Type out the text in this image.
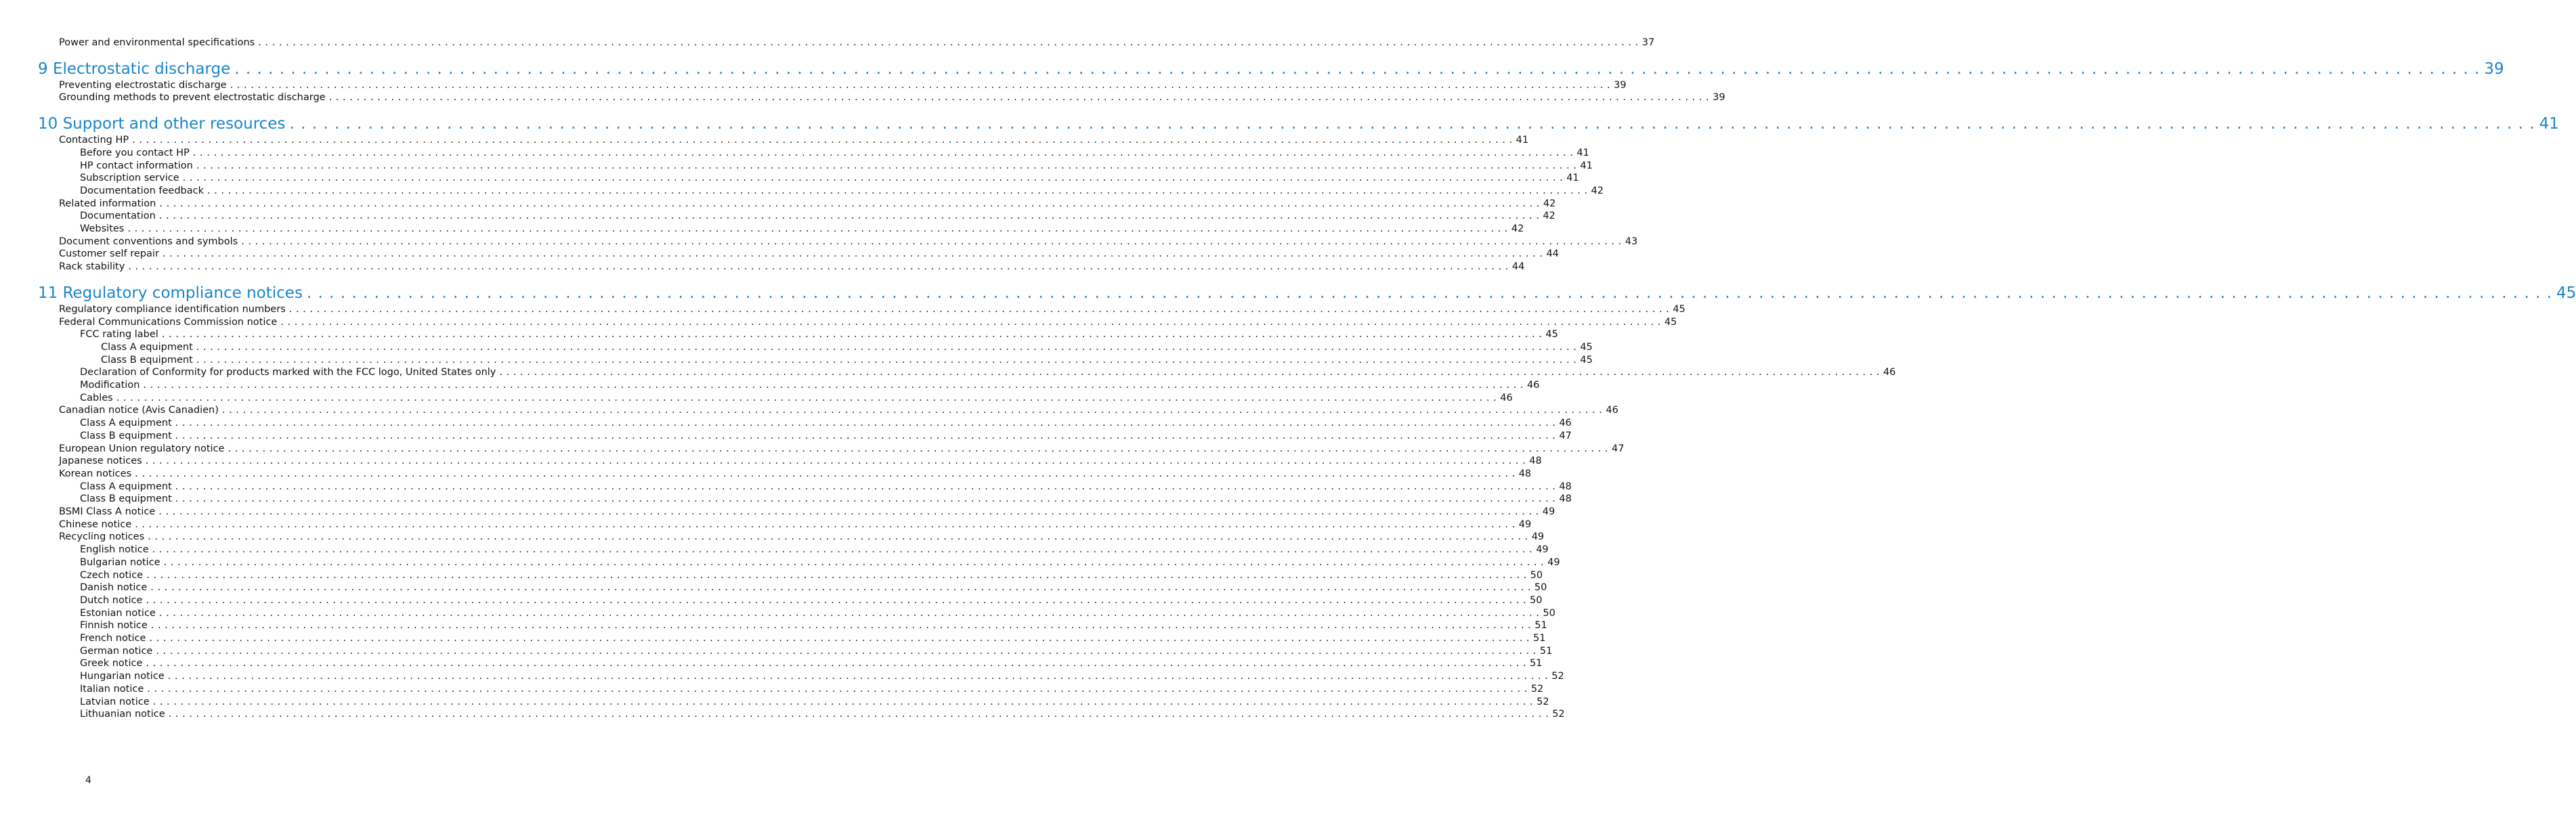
Power and environmental specifications . . . . . . . . . . . . . . . . . . . . . . . . . . . . . . . . . . . . . . . . . . . . . . . . . . . . . . . . . . . . . . . . . . . . . . . . . . . . . . . . . . . . . . . . . . . . . . . . . . . . . . . . . . . . . . . . . . . . . . . . . . . . . . . . . . . . . . . . . . . . . . . . . . . . . . . . . . . . . . . . . . . . . . . . . . . . . . . . . . . . . . . . . . . . . . . . . . . . . . . . 37
9 Electrostatic discharge . . . . . . . . . . . . . . . . . . . . . . . . . . . . . . . . . . . . . . . . . . . . . . . . . . . . . . . . . . . . . . . . . . . . . . . . . . . . . . . . . . . . . . . . . . . . . . . . . . . . . . . . . . . . . . . . . . . . . . . . . . . . . . . . . . . . . . . . . . . . . . . . . . . . . . . . . . . . . . . . . . . . . . . . . . . . . . . . . . . . . . . . . . . . . . . . . . . . . . . . 39
Preventing electrostatic discharge . . . . . . . . . . . . . . . . . . . . . . . . . . . . . . . . . . . . . . . . . . . . . . . . . . . . . . . . . . . . . . . . . . . . . . . . . . . . . . . . . . . . . . . . . . . . . . . . . . . . . . . . . . . . . . . . . . . . . . . . . . . . . . . . . . . . . . . . . . . . . . . . . . . . . . . . . . . . . . . . . . . . . . . . . . . . . . . . . . . . . . . . . . . . . . . . . . . . . . . . 39
Grounding methods to prevent electrostatic discharge . . . . . . . . . . . . . . . . . . . . . . . . . . . . . . . . . . . . . . . . . . . . . . . . . . . . . . . . . . . . . . . . . . . . . . . . . . . . . . . . . . . . . . . . . . . . . . . . . . . . . . . . . . . . . . . . . . . . . . . . . . . . . . . . . . . . . . . . . . . . . . . . . . . . . . . . . . . . . . . . . . . . . . . . . . . . . . . . . . . . . . . . . . . . . . . . . . . . . . . . 39
10 Support and other resources . . . . . . . . . . . . . . . . . . . . . . . . . . . . . . . . . . . . . . . . . . . . . . . . . . . . . . . . . . . . . . . . . . . . . . . . . . . . . . . . . . . . . . . . . . . . . . . . . . . . . . . . . . . . . . . . . . . . . . . . . . . . . . . . . . . . . . . . . . . . . . . . . . . . . . . . . . . . . . . . . . . . . . . . . . . . . . . . . . . . . . . . . . . . . . . . . . . . . . . . 41
Contacting HP . . . . . . . . . . . . . . . . . . . . . . . . . . . . . . . . . . . . . . . . . . . . . . . . . . . . . . . . . . . . . . . . . . . . . . . . . . . . . . . . . . . . . . . . . . . . . . . . . . . . . . . . . . . . . . . . . . . . . . . . . . . . . . . . . . . . . . . . . . . . . . . . . . . . . . . . . . . . . . . . . . . . . . . . . . . . . . . . . . . . . . . . . . . . . . . . . . . . . . . . 41
Before you contact HP . . . . . . . . . . . . . . . . . . . . . . . . . . . . . . . . . . . . . . . . . . . . . . . . . . . . . . . . . . . . . . . . . . . . . . . . . . . . . . . . . . . . . . . . . . . . . . . . . . . . . . . . . . . . . . . . . . . . . . . . . . . . . . . . . . . . . . . . . . . . . . . . . . . . . . . . . . . . . . . . . . . . . . . . . . . . . . . . . . . . . . . . . . . . . . . . . . . . . . . . 41
HP contact information . . . . . . . . . . . . . . . . . . . . . . . . . . . . . . . . . . . . . . . . . . . . . . . . . . . . . . . . . . . . . . . . . . . . . . . . . . . . . . . . . . . . . . . . . . . . . . . . . . . . . . . . . . . . . . . . . . . . . . . . . . . . . . . . . . . . . . . . . . . . . . . . . . . . . . . . . . . . . . . . . . . . . . . . . . . . . . . . . . . . . . . . . . . . . . . . . . . . . . . . 41
Subscription service . . . . . . . . . . . . . . . . . . . . . . . . . . . . . . . . . . . . . . . . . . . . . . . . . . . . . . . . . . . . . . . . . . . . . . . . . . . . . . . . . . . . . . . . . . . . . . . . . . . . . . . . . . . . . . . . . . . . . . . . . . . . . . . . . . . . . . . . . . . . . . . . . . . . . . . . . . . . . . . . . . . . . . . . . . . . . . . . . . . . . . . . . . . . . . . . . . . . . . . . 41
Documentation feedback . . . . . . . . . . . . . . . . . . . . . . . . . . . . . . . . . . . . . . . . . . . . . . . . . . . . . . . . . . . . . . . . . . . . . . . . . . . . . . . . . . . . . . . . . . . . . . . . . . . . . . . . . . . . . . . . . . . . . . . . . . . . . . . . . . . . . . . . . . . . . . . . . . . . . . . . . . . . . . . . . . . . . . . . . . . . . . . . . . . . . . . . . . . . . . . . . . . . . . . . 42
Related information . . . . . . . . . . . . . . . . . . . . . . . . . . . . . . . . . . . . . . . . . . . . . . . . . . . . . . . . . . . . . . . . . . . . . . . . . . . . . . . . . . . . . . . . . . . . . . . . . . . . . . . . . . . . . . . . . . . . . . . . . . . . . . . . . . . . . . . . . . . . . . . . . . . . . . . . . . . . . . . . . . . . . . . . . . . . . . . . . . . . . . . . . . . . . . . . . . . . . . . . 42
Documentation . . . . . . . . . . . . . . . . . . . . . . . . . . . . . . . . . . . . . . . . . . . . . . . . . . . . . . . . . . . . . . . . . . . . . . . . . . . . . . . . . . . . . . . . . . . . . . . . . . . . . . . . . . . . . . . . . . . . . . . . . . . . . . . . . . . . . . . . . . . . . . . . . . . . . . . . . . . . . . . . . . . . . . . . . . . . . . . . . . . . . . . . . . . . . . . . . . . . . . . . 42
Websites . . . . . . . . . . . . . . . . . . . . . . . . . . . . . . . . . . . . . . . . . . . . . . . . . . . . . . . . . . . . . . . . . . . . . . . . . . . . . . . . . . . . . . . . . . . . . . . . . . . . . . . . . . . . . . . . . . . . . . . . . . . . . . . . . . . . . . . . . . . . . . . . . . . . . . . . . . . . . . . . . . . . . . . . . . . . . . . . . . . . . . . . . . . . . . . . . . . . . . . . 42
Document conventions and symbols . . . . . . . . . . . . . . . . . . . . . . . . . . . . . . . . . . . . . . . . . . . . . . . . . . . . . . . . . . . . . . . . . . . . . . . . . . . . . . . . . . . . . . . . . . . . . . . . . . . . . . . . . . . . . . . . . . . . . . . . . . . . . . . . . . . . . . . . . . . . . . . . . . . . . . . . . . . . . . . . . . . . . . . . . . . . . . . . . . . . . . . . . . . . . . . . . . . . . . . . 43
Customer self repair . . . . . . . . . . . . . . . . . . . . . . . . . . . . . . . . . . . . . . . . . . . . . . . . . . . . . . . . . . . . . . . . . . . . . . . . . . . . . . . . . . . . . . . . . . . . . . . . . . . . . . . . . . . . . . . . . . . . . . . . . . . . . . . . . . . . . . . . . . . . . . . . . . . . . . . . . . . . . . . . . . . . . . . . . . . . . . . . . . . . . . . . . . . . . . . . . . . . . . . . 44
Rack stability . . . . . . . . . . . . . . . . . . . . . . . . . . . . . . . . . . . . . . . . . . . . . . . . . . . . . . . . . . . . . . . . . . . . . . . . . . . . . . . . . . . . . . . . . . . . . . . . . . . . . . . . . . . . . . . . . . . . . . . . . . . . . . . . . . . . . . . . . . . . . . . . . . . . . . . . . . . . . . . . . . . . . . . . . . . . . . . . . . . . . . . . . . . . . . . . . . . . . . . . 44
11 Regulatory compliance notices . . . . . . . . . . . . . . . . . . . . . . . . . . . . . . . . . . . . . . . . . . . . . . . . . . . . . . . . . . . . . . . . . . . . . . . . . . . . . . . . . . . . . . . . . . . . . . . . . . . . . . . . . . . . . . . . . . . . . . . . . . . . . . . . . . . . . . . . . . . . . . . . . . . . . . . . . . . . . . . . . . . . . . . . . . . . . . . . . . . . . . . . . . . . . . . . . . . . . . . . 45
Regulatory compliance identification numbers . . . . . . . . . . . . . . . . . . . . . . . . . . . . . . . . . . . . . . . . . . . . . . . . . . . . . . . . . . . . . . . . . . . . . . . . . . . . . . . . . . . . . . . . . . . . . . . . . . . . . . . . . . . . . . . . . . . . . . . . . . . . . . . . . . . . . . . . . . . . . . . . . . . . . . . . . . . . . . . . . . . . . . . . . . . . . . . . . . . . . . . . . . . . . . . . . . . . . . . . 45
Federal Communications Commission notice . . . . . . . . . . . . . . . . . . . . . . . . . . . . . . . . . . . . . . . . . . . . . . . . . . . . . . . . . . . . . . . . . . . . . . . . . . . . . . . . . . . . . . . . . . . . . . . . . . . . . . . . . . . . . . . . . . . . . . . . . . . . . . . . . . . . . . . . . . . . . . . . . . . . . . . . . . . . . . . . . . . . . . . . . . . . . . . . . . . . . . . . . . . . . . . . . . . . . . . . 45
FCC rating label . . . . . . . . . . . . . . . . . . . . . . . . . . . . . . . . . . . . . . . . . . . . . . . . . . . . . . . . . . . . . . . . . . . . . . . . . . . . . . . . . . . . . . . . . . . . . . . . . . . . . . . . . . . . . . . . . . . . . . . . . . . . . . . . . . . . . . . . . . . . . . . . . . . . . . . . . . . . . . . . . . . . . . . . . . . . . . . . . . . . . . . . . . . . . . . . . . . . . . . . 45
Class A equipment . . . . . . . . . . . . . . . . . . . . . . . . . . . . . . . . . . . . . . . . . . . . . . . . . . . . . . . . . . . . . . . . . . . . . . . . . . . . . . . . . . . . . . . . . . . . . . . . . . . . . . . . . . . . . . . . . . . . . . . . . . . . . . . . . . . . . . . . . . . . . . . . . . . . . . . . . . . . . . . . . . . . . . . . . . . . . . . . . . . . . . . . . . . . . . . . . . . . . . . . 45
Class B equipment . . . . . . . . . . . . . . . . . . . . . . . . . . . . . . . . . . . . . . . . . . . . . . . . . . . . . . . . . . . . . . . . . . . . . . . . . . . . . . . . . . . . . . . . . . . . . . . . . . . . . . . . . . . . . . . . . . . . . . . . . . . . . . . . . . . . . . . . . . . . . . . . . . . . . . . . . . . . . . . . . . . . . . . . . . . . . . . . . . . . . . . . . . . . . . . . . . . . . . . . 45
Declaration of Conformity for products marked with the FCC logo, United States only . . . . . . . . . . . . . . . . . . . . . . . . . . . . . . . . . . . . . . . . . . . . . . . . . . . . . . . . . . . . . . . . . . . . . . . . . . . . . . . . . . . . . . . . . . . . . . . . . . . . . . . . . . . . . . . . . . . . . . . . . . . . . . . . . . . . . . . . . . . . . . . . . . . . . . . . . . . . . . . . . . . . . . . . . . . . . . . . . . . . . . . . . . . . . . . . . . . . . . . . 46
Modification . . . . . . . . . . . . . . . . . . . . . . . . . . . . . . . . . . . . . . . . . . . . . . . . . . . . . . . . . . . . . . . . . . . . . . . . . . . . . . . . . . . . . . . . . . . . . . . . . . . . . . . . . . . . . . . . . . . . . . . . . . . . . . . . . . . . . . . . . . . . . . . . . . . . . . . . . . . . . . . . . . . . . . . . . . . . . . . . . . . . . . . . . . . . . . . . . . . . . . . . 46
Cables . . . . . . . . . . . . . . . . . . . . . . . . . . . . . . . . . . . . . . . . . . . . . . . . . . . . . . . . . . . . . . . . . . . . . . . . . . . . . . . . . . . . . . . . . . . . . . . . . . . . . . . . . . . . . . . . . . . . . . . . . . . . . . . . . . . . . . . . . . . . . . . . . . . . . . . . . . . . . . . . . . . . . . . . . . . . . . . . . . . . . . . . . . . . . . . . . . . . . . . . 46
Canadian notice (Avis Canadien) . . . . . . . . . . . . . . . . . . . . . . . . . . . . . . . . . . . . . . . . . . . . . . . . . . . . . . . . . . . . . . . . . . . . . . . . . . . . . . . . . . . . . . . . . . . . . . . . . . . . . . . . . . . . . . . . . . . . . . . . . . . . . . . . . . . . . . . . . . . . . . . . . . . . . . . . . . . . . . . . . . . . . . . . . . . . . . . . . . . . . . . . . . . . . . . . . . . . . . . . 46
Class A equipment . . . . . . . . . . . . . . . . . . . . . . . . . . . . . . . . . . . . . . . . . . . . . . . . . . . . . . . . . . . . . . . . . . . . . . . . . . . . . . . . . . . . . . . . . . . . . . . . . . . . . . . . . . . . . . . . . . . . . . . . . . . . . . . . . . . . . . . . . . . . . . . . . . . . . . . . . . . . . . . . . . . . . . . . . . . . . . . . . . . . . . . . . . . . . . . . . . . . . . . . 46
Class B equipment . . . . . . . . . . . . . . . . . . . . . . . . . . . . . . . . . . . . . . . . . . . . . . . . . . . . . . . . . . . . . . . . . . . . . . . . . . . . . . . . . . . . . . . . . . . . . . . . . . . . . . . . . . . . . . . . . . . . . . . . . . . . . . . . . . . . . . . . . . . . . . . . . . . . . . . . . . . . . . . . . . . . . . . . . . . . . . . . . . . . . . . . . . . . . . . . . . . . . . . . 47
European Union regulatory notice . . . . . . . . . . . . . . . . . . . . . . . . . . . . . . . . . . . . . . . . . . . . . . . . . . . . . . . . . . . . . . . . . . . . . . . . . . . . . . . . . . . . . . . . . . . . . . . . . . . . . . . . . . . . . . . . . . . . . . . . . . . . . . . . . . . . . . . . . . . . . . . . . . . . . . . . . . . . . . . . . . . . . . . . . . . . . . . . . . . . . . . . . . . . . . . . . . . . . . . . 47
Japanese notices . . . . . . . . . . . . . . . . . . . . . . . . . . . . . . . . . . . . . . . . . . . . . . . . . . . . . . . . . . . . . . . . . . . . . . . . . . . . . . . . . . . . . . . . . . . . . . . . . . . . . . . . . . . . . . . . . . . . . . . . . . . . . . . . . . . . . . . . . . . . . . . . . . . . . . . . . . . . . . . . . . . . . . . . . . . . . . . . . . . . . . . . . . . . . . . . . . . . . . . . 48
Korean notices . . . . . . . . . . . . . . . . . . . . . . . . . . . . . . . . . . . . . . . . . . . . . . . . . . . . . . . . . . . . . . . . . . . . . . . . . . . . . . . . . . . . . . . . . . . . . . . . . . . . . . . . . . . . . . . . . . . . . . . . . . . . . . . . . . . . . . . . . . . . . . . . . . . . . . . . . . . . . . . . . . . . . . . . . . . . . . . . . . . . . . . . . . . . . . . . . . . . . . . . 48
Class A equipment . . . . . . . . . . . . . . . . . . . . . . . . . . . . . . . . . . . . . . . . . . . . . . . . . . . . . . . . . . . . . . . . . . . . . . . . . . . . . . . . . . . . . . . . . . . . . . . . . . . . . . . . . . . . . . . . . . . . . . . . . . . . . . . . . . . . . . . . . . . . . . . . . . . . . . . . . . . . . . . . . . . . . . . . . . . . . . . . . . . . . . . . . . . . . . . . . . . . . . . . 48
Class B equipment . . . . . . . . . . . . . . . . . . . . . . . . . . . . . . . . . . . . . . . . . . . . . . . . . . . . . . . . . . . . . . . . . . . . . . . . . . . . . . . . . . . . . . . . . . . . . . . . . . . . . . . . . . . . . . . . . . . . . . . . . . . . . . . . . . . . . . . . . . . . . . . . . . . . . . . . . . . . . . . . . . . . . . . . . . . . . . . . . . . . . . . . . . . . . . . . . . . . . . . . 48
BSMI Class A notice . . . . . . . . . . . . . . . . . . . . . . . . . . . . . . . . . . . . . . . . . . . . . . . . . . . . . . . . . . . . . . . . . . . . . . . . . . . . . . . . . . . . . . . . . . . . . . . . . . . . . . . . . . . . . . . . . . . . . . . . . . . . . . . . . . . . . . . . . . . . . . . . . . . . . . . . . . . . . . . . . . . . . . . . . . . . . . . . . . . . . . . . . . . . . . . . . . . . . . . . 49
Chinese notice . . . . . . . . . . . . . . . . . . . . . . . . . . . . . . . . . . . . . . . . . . . . . . . . . . . . . . . . . . . . . . . . . . . . . . . . . . . . . . . . . . . . . . . . . . . . . . . . . . . . . . . . . . . . . . . . . . . . . . . . . . . . . . . . . . . . . . . . . . . . . . . . . . . . . . . . . . . . . . . . . . . . . . . . . . . . . . . . . . . . . . . . . . . . . . . . . . . . . . . . 49
Recycling notices . . . . . . . . . . . . . . . . . . . . . . . . . . . . . . . . . . . . . . . . . . . . . . . . . . . . . . . . . . . . . . . . . . . . . . . . . . . . . . . . . . . . . . . . . . . . . . . . . . . . . . . . . . . . . . . . . . . . . . . . . . . . . . . . . . . . . . . . . . . . . . . . . . . . . . . . . . . . . . . . . . . . . . . . . . . . . . . . . . . . . . . . . . . . . . . . . . . . . . . . 49
English notice . . . . . . . . . . . . . . . . . . . . . . . . . . . . . . . . . . . . . . . . . . . . . . . . . . . . . . . . . . . . . . . . . . . . . . . . . . . . . . . . . . . . . . . . . . . . . . . . . . . . . . . . . . . . . . . . . . . . . . . . . . . . . . . . . . . . . . . . . . . . . . . . . . . . . . . . . . . . . . . . . . . . . . . . . . . . . . . . . . . . . . . . . . . . . . . . . . . . . . . . 49
Bulgarian notice . . . . . . . . . . . . . . . . . . . . . . . . . . . . . . . . . . . . . . . . . . . . . . . . . . . . . . . . . . . . . . . . . . . . . . . . . . . . . . . . . . . . . . . . . . . . . . . . . . . . . . . . . . . . . . . . . . . . . . . . . . . . . . . . . . . . . . . . . . . . . . . . . . . . . . . . . . . . . . . . . . . . . . . . . . . . . . . . . . . . . . . . . . . . . . . . . . . . . . . . 49
Czech notice . . . . . . . . . . . . . . . . . . . . . . . . . . . . . . . . . . . . . . . . . . . . . . . . . . . . . . . . . . . . . . . . . . . . . . . . . . . . . . . . . . . . . . . . . . . . . . . . . . . . . . . . . . . . . . . . . . . . . . . . . . . . . . . . . . . . . . . . . . . . . . . . . . . . . . . . . . . . . . . . . . . . . . . . . . . . . . . . . . . . . . . . . . . . . . . . . . . . . . . . 50
Danish notice . . . . . . . . . . . . . . . . . . . . . . . . . . . . . . . . . . . . . . . . . . . . . . . . . . . . . . . . . . . . . . . . . . . . . . . . . . . . . . . . . . . . . . . . . . . . . . . . . . . . . . . . . . . . . . . . . . . . . . . . . . . . . . . . . . . . . . . . . . . . . . . . . . . . . . . . . . . . . . . . . . . . . . . . . . . . . . . . . . . . . . . . . . . . . . . . . . . . . . . . 50
Dutch notice . . . . . . . . . . . . . . . . . . . . . . . . . . . . . . . . . . . . . . . . . . . . . . . . . . . . . . . . . . . . . . . . . . . . . . . . . . . . . . . . . . . . . . . . . . . . . . . . . . . . . . . . . . . . . . . . . . . . . . . . . . . . . . . . . . . . . . . . . . . . . . . . . . . . . . . . . . . . . . . . . . . . . . . . . . . . . . . . . . . . . . . . . . . . . . . . . . . . . . . . 50
Estonian notice . . . . . . . . . . . . . . . . . . . . . . . . . . . . . . . . . . . . . . . . . . . . . . . . . . . . . . . . . . . . . . . . . . . . . . . . . . . . . . . . . . . . . . . . . . . . . . . . . . . . . . . . . . . . . . . . . . . . . . . . . . . . . . . . . . . . . . . . . . . . . . . . . . . . . . . . . . . . . . . . . . . . . . . . . . . . . . . . . . . . . . . . . . . . . . . . . . . . . . . . 50
Finnish notice . . . . . . . . . . . . . . . . . . . . . . . . . . . . . . . . . . . . . . . . . . . . . . . . . . . . . . . . . . . . . . . . . . . . . . . . . . . . . . . . . . . . . . . . . . . . . . . . . . . . . . . . . . . . . . . . . . . . . . . . . . . . . . . . . . . . . . . . . . . . . . . . . . . . . . . . . . . . . . . . . . . . . . . . . . . . . . . . . . . . . . . . . . . . . . . . . . . . . . . . 51
French notice . . . . . . . . . . . . . . . . . . . . . . . . . . . . . . . . . . . . . . . . . . . . . . . . . . . . . . . . . . . . . . . . . . . . . . . . . . . . . . . . . . . . . . . . . . . . . . . . . . . . . . . . . . . . . . . . . . . . . . . . . . . . . . . . . . . . . . . . . . . . . . . . . . . . . . . . . . . . . . . . . . . . . . . . . . . . . . . . . . . . . . . . . . . . . . . . . . . . . . . . 51
German notice . . . . . . . . . . . . . . . . . . . . . . . . . . . . . . . . . . . . . . . . . . . . . . . . . . . . . . . . . . . . . . . . . . . . . . . . . . . . . . . . . . . . . . . . . . . . . . . . . . . . . . . . . . . . . . . . . . . . . . . . . . . . . . . . . . . . . . . . . . . . . . . . . . . . . . . . . . . . . . . . . . . . . . . . . . . . . . . . . . . . . . . . . . . . . . . . . . . . . . . . 51
Greek notice . . . . . . . . . . . . . . . . . . . . . . . . . . . . . . . . . . . . . . . . . . . . . . . . . . . . . . . . . . . . . . . . . . . . . . . . . . . . . . . . . . . . . . . . . . . . . . . . . . . . . . . . . . . . . . . . . . . . . . . . . . . . . . . . . . . . . . . . . . . . . . . . . . . . . . . . . . . . . . . . . . . . . . . . . . . . . . . . . . . . . . . . . . . . . . . . . . . . . . . . 51
Hungarian notice . . . . . . . . . . . . . . . . . . . . . . . . . . . . . . . . . . . . . . . . . . . . . . . . . . . . . . . . . . . . . . . . . . . . . . . . . . . . . . . . . . . . . . . . . . . . . . . . . . . . . . . . . . . . . . . . . . . . . . . . . . . . . . . . . . . . . . . . . . . . . . . . . . . . . . . . . . . . . . . . . . . . . . . . . . . . . . . . . . . . . . . . . . . . . . . . . . . . . . . . 52
Italian notice . . . . . . . . . . . . . . . . . . . . . . . . . . . . . . . . . . . . . . . . . . . . . . . . . . . . . . . . . . . . . . . . . . . . . . . . . . . . . . . . . . . . . . . . . . . . . . . . . . . . . . . . . . . . . . . . . . . . . . . . . . . . . . . . . . . . . . . . . . . . . . . . . . . . . . . . . . . . . . . . . . . . . . . . . . . . . . . . . . . . . . . . . . . . . . . . . . . . . . . . 52
Latvian notice . . . . . . . . . . . . . . . . . . . . . . . . . . . . . . . . . . . . . . . . . . . . . . . . . . . . . . . . . . . . . . . . . . . . . . . . . . . . . . . . . . . . . . . . . . . . . . . . . . . . . . . . . . . . . . . . . . . . . . . . . . . . . . . . . . . . . . . . . . . . . . . . . . . . . . . . . . . . . . . . . . . . . . . . . . . . . . . . . . . . . . . . . . . . . . . . . . . . . . . . 52
Lithuanian notice . . . . . . . . . . . . . . . . . . . . . . . . . . . . . . . . . . . . . . . . . . . . . . . . . . . . . . . . . . . . . . . . . . . . . . . . . . . . . . . . . . . . . . . . . . . . . . . . . . . . . . . . . . . . . . . . . . . . . . . . . . . . . . . . . . . . . . . . . . . . . . . . . . . . . . . . . . . . . . . . . . . . . . . . . . . . . . . . . . . . . . . . . . . . . . . . . . . . . . . . 52
4
